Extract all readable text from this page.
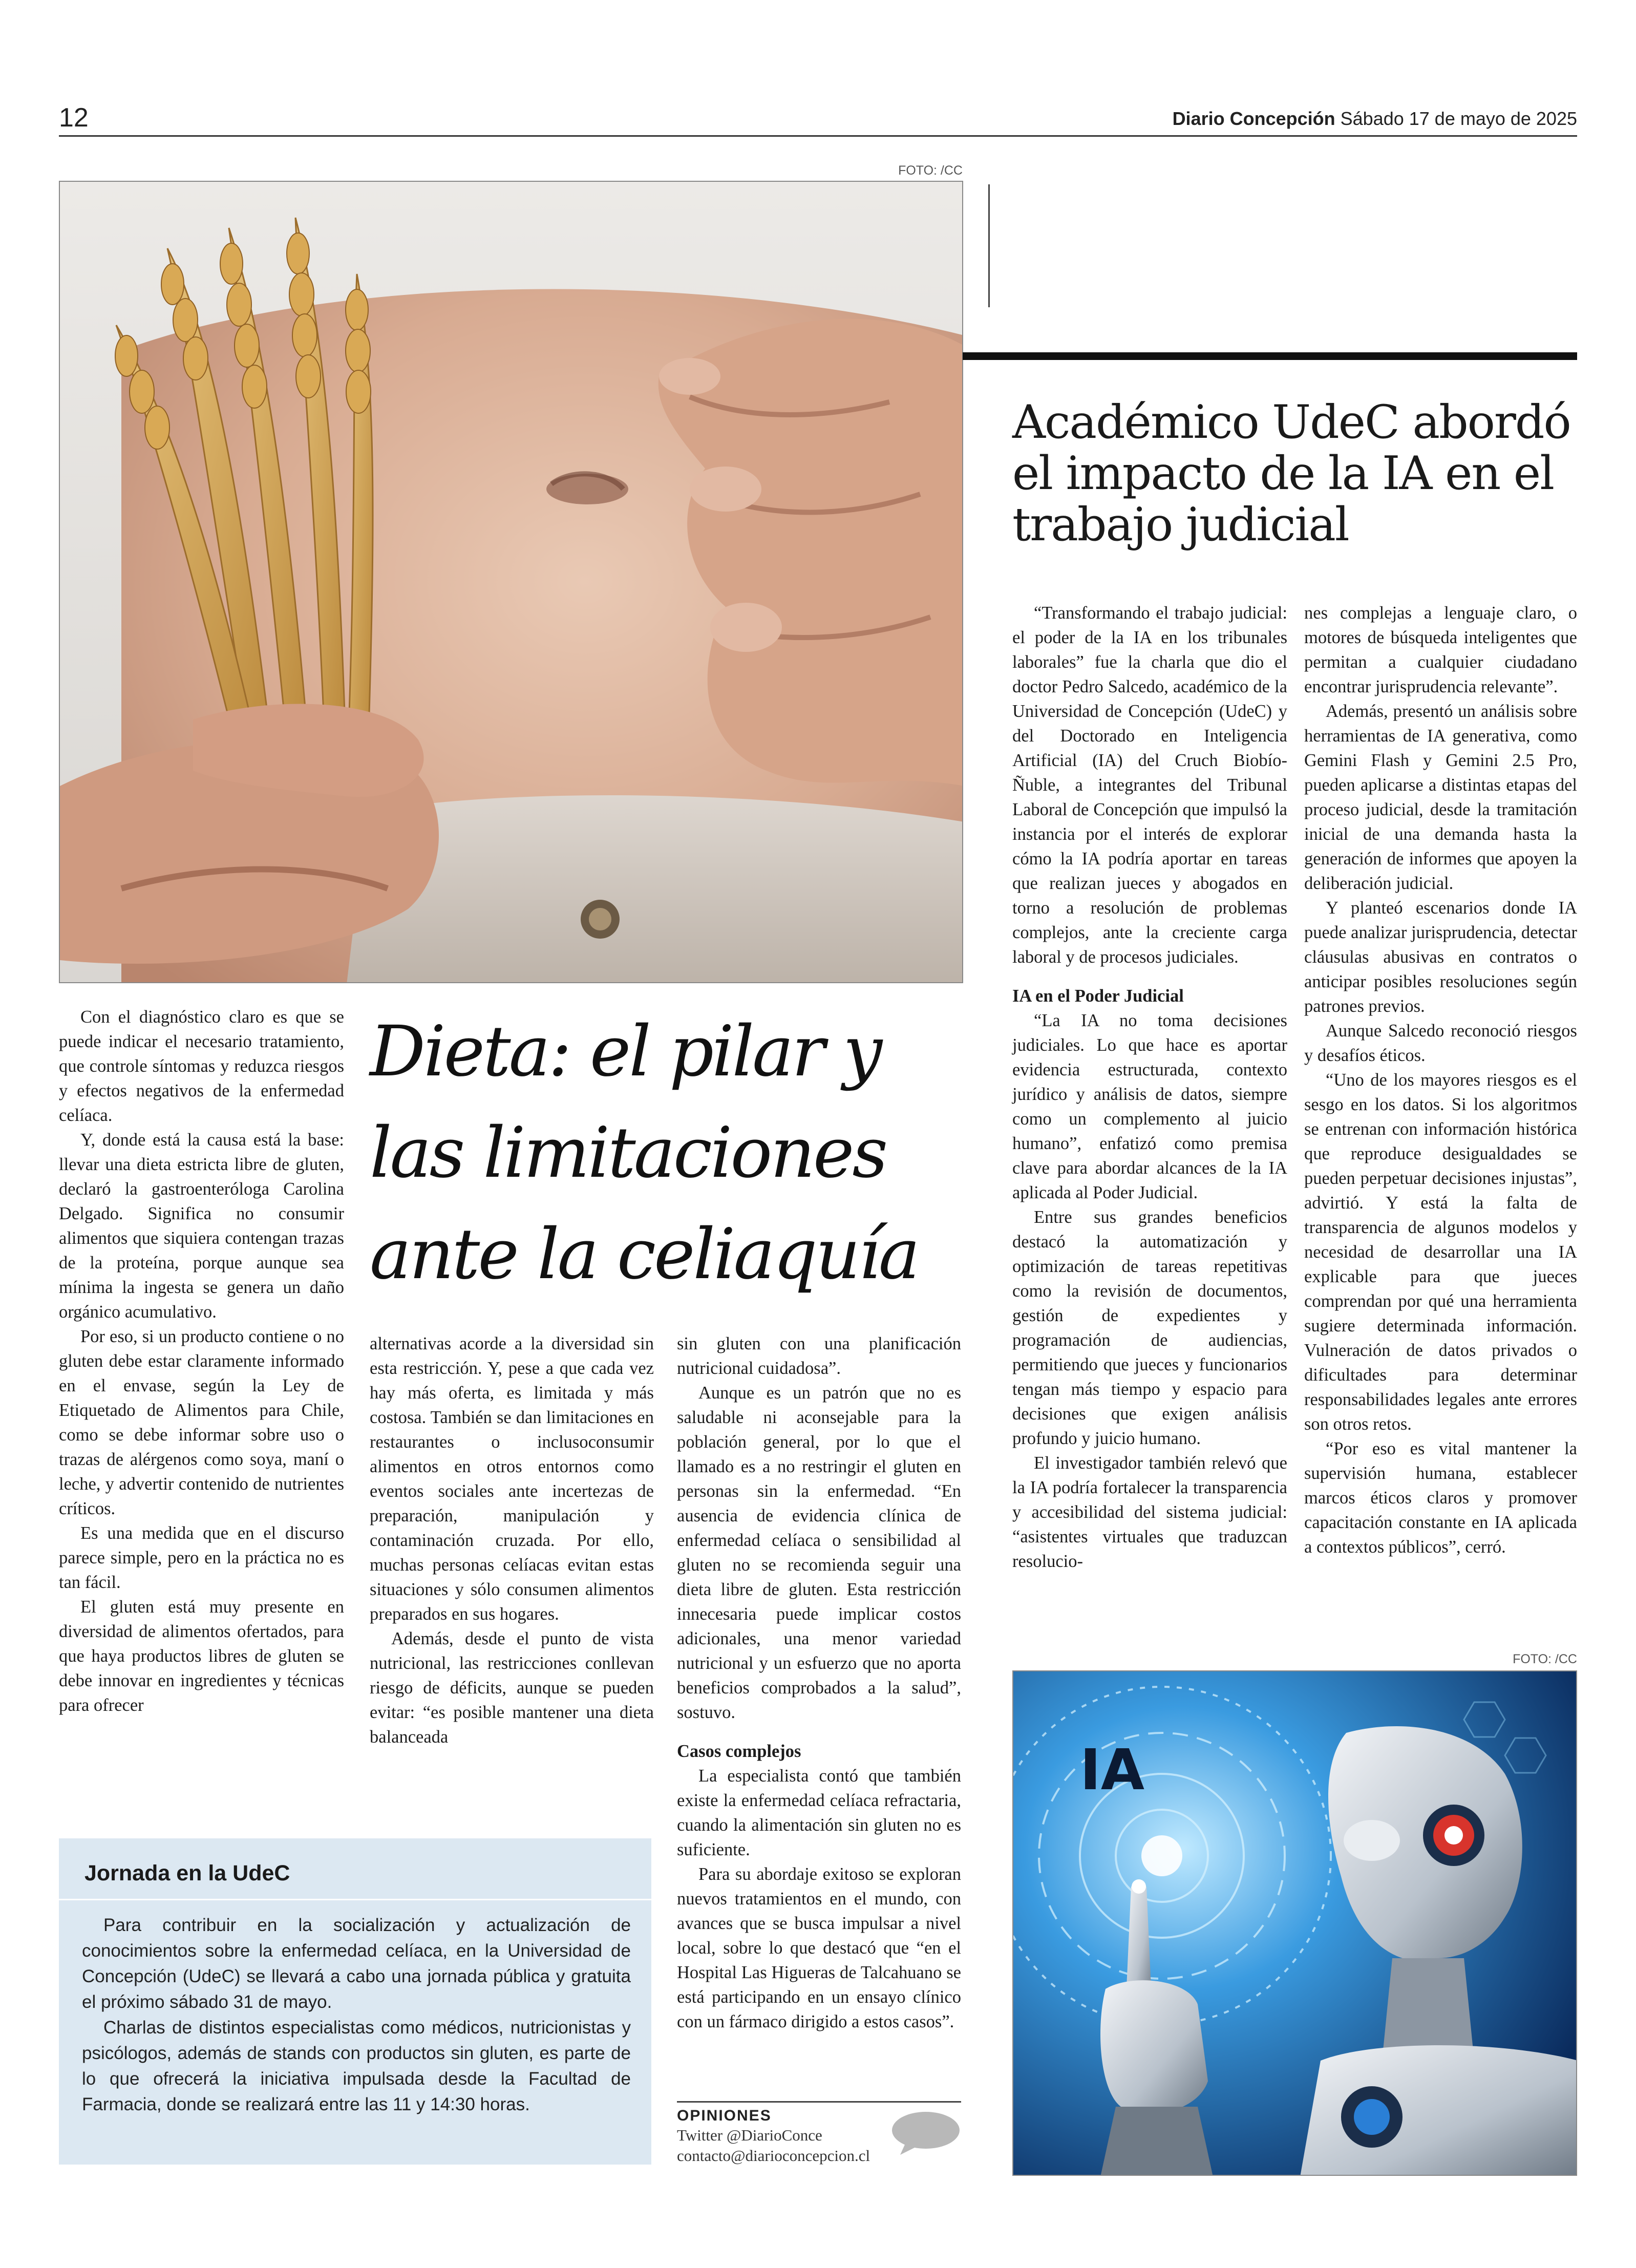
12	Diario Concepción Sábado 17 de mayo de 2025
FOTO: /CC
Académico UdeC abordó el impacto de la IA en el trabajo judicial
Dieta: el pilar y las limitaciones ante la celiaquía

Con el diagnóstico claro es que se puede indicar el necesario tratamiento, que controle síntomas y reduzca riesgos y efectos negativos de la enfermedad celíaca.

Y, donde está la causa está la base: llevar una dieta estricta libre de gluten, declaró la gastroenteróloga Carolina Delgado. Significa no consumir alimentos que siquiera contengan trazas de la proteína, porque aunque sea mínima la ingesta se genera un daño orgánico acumulativo.

Por eso, si un producto contiene o no gluten debe estar claramente informado en el envase, según la Ley de Etiquetado de Alimentos para Chile, como se debe informar sobre uso o trazas de alérgenos como soya, maní o leche, y advertir contenido de nutrientes críticos.

Es una medida que en el discurso parece simple, pero en la práctica no es tan fácil.

El gluten está muy presente en diversidad de alimentos ofertados, para que haya productos libres de gluten se debe innovar en ingredientes y técnicas para ofrecer

alternativas acorde a la diversidad sin esta restricción. Y, pese a que cada vez hay más oferta, es limitada y más costosa. También se dan limitaciones en restaurantes o inclusoconsumir alimentos en otros entornos como eventos sociales ante incertezas de preparación, manipulación y contaminación cruzada. Por ello, muchas personas celíacas evitan estas situaciones y sólo consumen alimentos preparados en sus hogares.

Además, desde el punto de vista nutricional, las restricciones conllevan riesgo de déficits, aunque se pueden evitar: “es posible mantener una dieta balanceada

sin gluten con una planificación nutricional cuidadosa”.

Aunque es un patrón que no es saludable ni aconsejable para la población general, por lo que el llamado es a no restringir el gluten en personas sin la enfermedad. “En ausencia de evidencia clínica de enfermedad celíaca o sensibilidad al gluten no se recomienda seguir una dieta libre de gluten. Esta restricción innecesaria puede implicar costos adicionales, una menor variedad nutricional y un esfuerzo que no aporta beneficios comprobados a la salud”, sostuvo.

Casos complejos

La especialista contó que también existe la enfermedad celíaca refractaria, cuando la alimentación sin gluten no es suficiente.

Para su abordaje exitoso se exploran nuevos tratamientos en el mundo, con avances que se busca impulsar a nivel local, sobre lo que destacó que “en el Hospital Las Higueras de Talcahuano se está participando en un ensayo clínico con un fármaco dirigido a estos casos”.

Jornada en la UdeC

Para contribuir en la socialización y actualización de conocimientos sobre la enfermedad celíaca, en la Universidad de Concepción (UdeC) se llevará a cabo una jornada pública y gratuita el próximo sábado 31 de mayo.

Charlas de distintos especialistas como médicos, nutricionistas y psicólogos, además de stands con productos sin gluten, es parte de lo que ofrecerá la iniciativa impulsada desde la Facultad de Farmacia, donde se realizará entre las 11 y 14:30 horas.

OPINIONES
Twitter @DiarioConce
contacto@diarioconcepcion.cl

“Transformando el trabajo judicial: el poder de la IA en los tribunales laborales” fue la charla que dio el doctor Pedro Salcedo, académico de la Universidad de Concepción (UdeC) y del Doctorado en Inteligencia Artificial (IA) del Cruch Biobío-Ñuble, a integrantes del Tribunal Laboral de Concepción que impulsó la instancia por el interés de explorar cómo la IA podría aportar en tareas que realizan jueces y abogados en torno a resolución de problemas complejos, ante la creciente carga laboral y de procesos judiciales.

IA en el Poder Judicial

“La IA no toma decisiones judiciales. Lo que hace es aportar evidencia estructurada, contexto jurídico y análisis de datos, siempre como un complemento al juicio humano”, enfatizó como premisa clave para abordar alcances de la IA aplicada al Poder Judicial.

Entre sus grandes beneficios destacó la automatización y optimización de tareas repetitivas como la revisión de documentos, gestión de expedientes y programación de audiencias, permitiendo que jueces y funcionarios tengan más tiempo y espacio para decisiones que exigen análisis profundo y juicio humano.

El investigador también relevó que la IA podría fortalecer la transparencia y accesibilidad del sistema judicial: “asistentes virtuales que traduzcan resolucio-

nes complejas a lenguaje claro, o motores de búsqueda inteligentes que permitan a cualquier ciudadano encontrar jurisprudencia relevante”.

Además, presentó un análisis sobre herramientas de IA generativa, como Gemini Flash y Gemini 2.5 Pro, pueden aplicarse a distintas etapas del proceso judicial, desde la tramitación inicial de una demanda hasta la generación de informes que apoyen la deliberación judicial.

Y planteó escenarios donde IA puede analizar jurisprudencia, detectar cláusulas abusivas en contratos o anticipar posibles resoluciones según patrones previos.

Aunque Salcedo reconoció riesgos y desafíos éticos.

“Uno de los mayores riesgos es el sesgo en los datos. Si los algoritmos se entrenan con información histórica que reproduce desigualdades se pueden perpetuar decisiones injustas”, advirtió. Y está la falta de transparencia de algunos modelos y necesidad de desarrollar una IA explicable para que jueces comprendan por qué una herramienta sugiere determinada información. Vulneración de datos privados o dificultades para determinar responsabilidades legales ante errores son otros retos.

“Por eso es vital mantener la supervisión humana, establecer marcos éticos claros y promover capacitación constante en IA aplicada a contextos públicos”, cerró.

FOTO: /CC
IA
